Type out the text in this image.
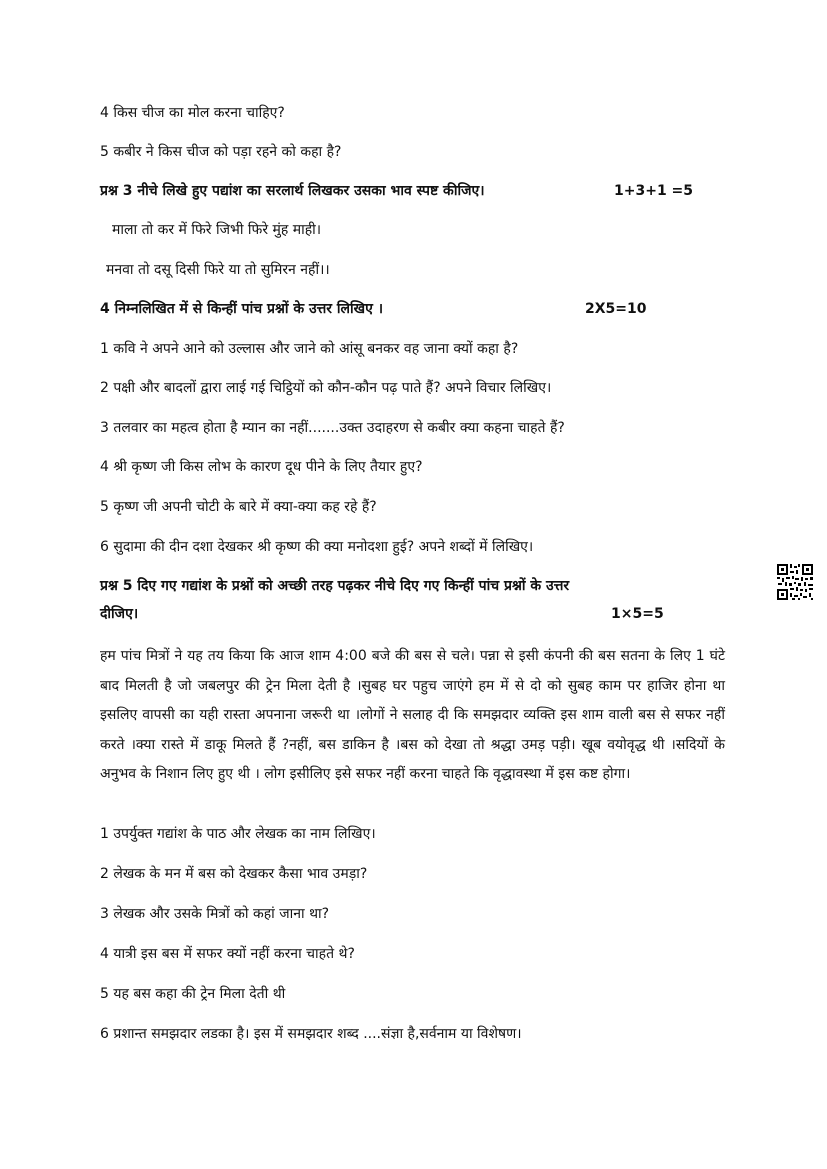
4 किस चीज का मोल करना चाहिए?
5 कबीर ने किस चीज को पड़ा रहने को कहा है?
प्रश्न 3 नीचे लिखे हुए पद्यांश का सरलार्थ लिखकर उसका भाव स्पष्ट कीजिए।	1+3+1 =5
माला तो कर में फिरे जिभी फिरे मुंह माही।
मनवा तो दसू दिसी फिरे या तो सुमिरन नहीं।।
4 निम्नलिखित में से किन्हीं पांच प्रश्नों के उत्तर लिखिए ।	2X5=10
1 कवि ने अपने आने को उल्लास और जाने को आंसू बनकर वह जाना क्यों कहा है?
2 पक्षी और बादलों द्वारा लाई गई चिट्ठियों को कौन-कौन पढ़ पाते हैं? अपने विचार लिखिए।
3 तलवार का महत्व होता है म्यान का नहीं.......उक्त उदाहरण से कबीर क्या कहना चाहते हैं?
4 श्री कृष्ण जी किस लोभ के कारण दूध पीने के लिए तैयार हुए?
5 कृष्ण जी अपनी चोटी के बारे में क्या-क्या कह रहे हैं?
6 सुदामा की दीन दशा देखकर श्री कृष्ण की क्या मनोदशा हुई? अपने शब्दों में लिखिए।
प्रश्न 5 दिए गए गद्यांश के प्रश्नों को अच्छी तरह पढ़कर नीचे दिए गए किन्हीं पांच प्रश्नों के उत्तर
दीजिए।	1×5=5
हम पांच मित्रों ने यह तय किया कि आज शाम 4:00 बजे की बस से चले। पन्ना से इसी कंपनी की बस सतना के लिए 1 घंटे बाद मिलती है जो जबलपुर की ट्रेन मिला देती है ।सुबह घर पहुच जाएंगे हम में से दो को सुबह काम पर हाजिर होना था इसलिए वापसी का यही रास्ता अपनाना जरूरी था ।लोगों ने सलाह दी कि समझदार व्यक्ति इस शाम वाली बस से सफर नहीं करते ।क्या रास्ते में डाकू मिलते हैं ?नहीं, बस डाकिन है ।बस को देखा तो श्रद्धा उमड़ पड़ी। खूब वयोवृद्ध थी ।सदियों के अनुभव के निशान लिए हुए थी । लोग इसीलिए इसे सफर नहीं करना चाहते कि वृद्धावस्था में इस कष्ट होगा।
1 उपर्युक्त गद्यांश के पाठ और लेखक का नाम लिखिए।
2 लेखक के मन में बस को देखकर कैसा भाव उमड़ा?
3 लेखक और उसके मित्रों को कहां जाना था?
4 यात्री इस बस में सफर क्यों नहीं करना चाहते थे?
5 यह बस कहा की ट्रेन मिला देती थी
6 प्रशान्त समझदार लडका है। इस में समझदार शब्द ....संज्ञा है,सर्वनाम या विशेषण।
